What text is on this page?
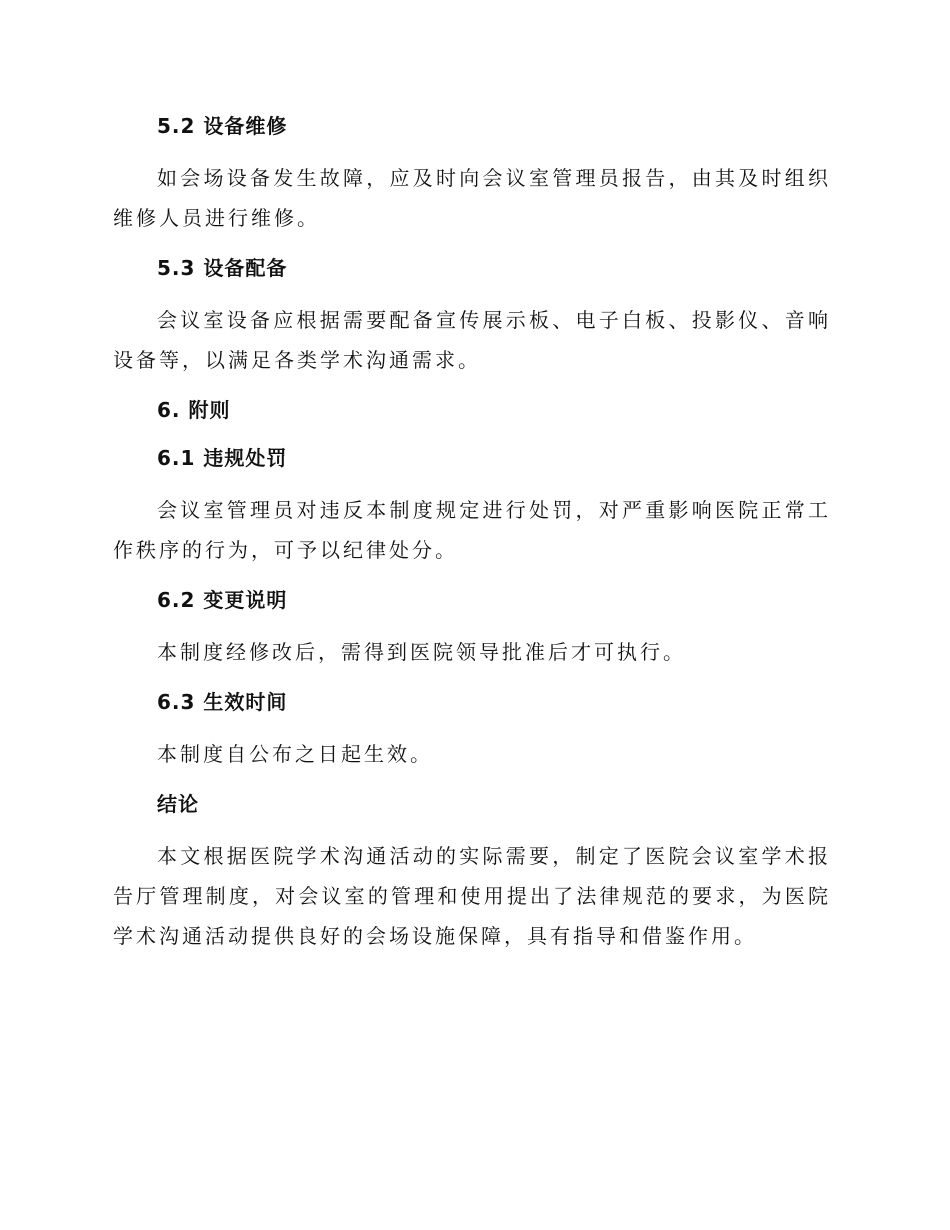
5.2 设备维修

如会场设备发生故障，应及时向会议室管理员报告，由其及时组织维修人员进行维修。

5.3 设备配备

会议室设备应根据需要配备宣传展示板、电子白板、投影仪、音响设备等，以满足各类学术沟通需求。

6. 附则
6.1 违规处罚

会议室管理员对违反本制度规定进行处罚，对严重影响医院正常工作秩序的行为，可予以纪律处分。

6.2 变更说明

本制度经修改后，需得到医院领导批准后才可执行。

6.3 生效时间

本制度自公布之日起生效。

结论

本文根据医院学术沟通活动的实际需要，制定了医院会议室学术报告厅管理制度，对会议室的管理和使用提出了法律规范的要求，为医院学术沟通活动提供良好的会场设施保障，具有指导和借鉴作用。
